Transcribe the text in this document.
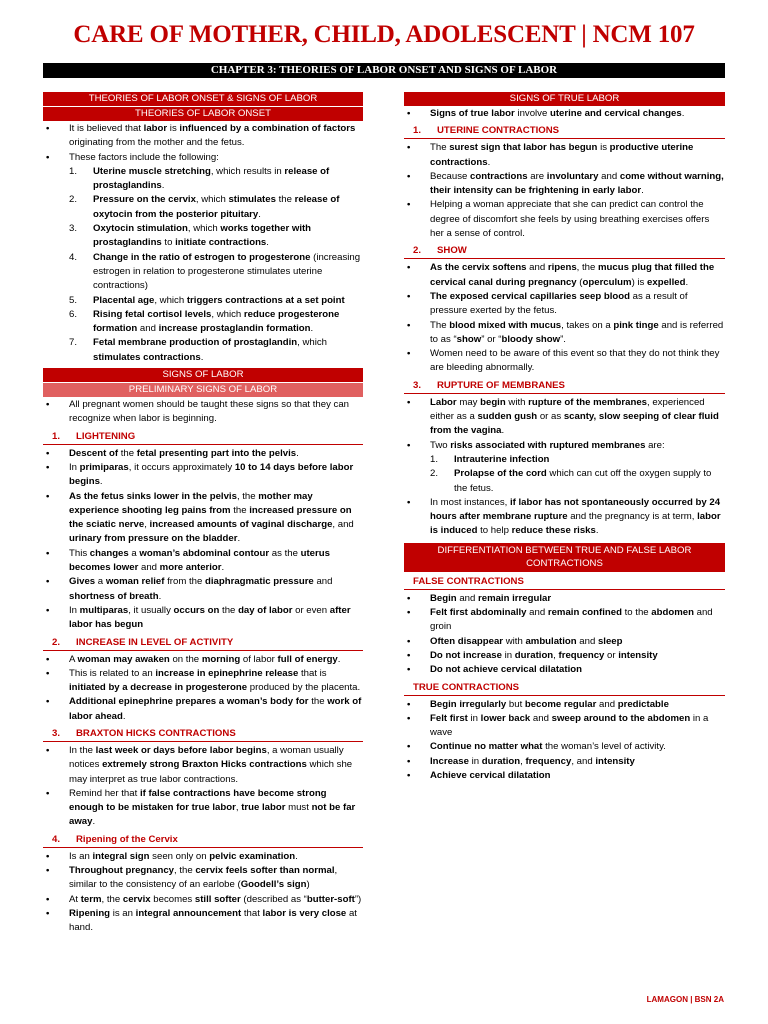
CARE OF MOTHER, CHILD, ADOLESCENT | NCM 107
CHAPTER 3: THEORIES OF LABOR ONSET AND SIGNS OF LABOR
THEORIES OF LABOR ONSET & SIGNS OF LABOR
THEORIES OF LABOR ONSET
• It is believed that labor is influenced by a combination of factors originating from the mother and the fetus.
• These factors include the following:
1. Uterine muscle stretching, which results in release of prostaglandins.
2. Pressure on the cervix, which stimulates the release of oxytocin from the posterior pituitary.
3. Oxytocin stimulation, which works together with prostaglandins to initiate contractions.
4. Change in the ratio of estrogen to progesterone (increasing estrogen in relation to progesterone stimulates uterine contractions)
5. Placental age, which triggers contractions at a set point
6. Rising fetal cortisol levels, which reduce progesterone formation and increase prostaglandin formation.
7. Fetal membrane production of prostaglandin, which stimulates contractions.
SIGNS OF LABOR
PRELIMINARY SIGNS OF LABOR
• All pregnant women should be taught these signs so that they can recognize when labor is beginning.
1. LIGHTENING
• Descent of the fetal presenting part into the pelvis.
• In primiparas, it occurs approximately 10 to 14 days before labor begins.
• As the fetus sinks lower in the pelvis, the mother may experience shooting leg pains from the increased pressure on the sciatic nerve, increased amounts of vaginal discharge, and urinary from pressure on the bladder.
• This changes a woman’s abdominal contour as the uterus becomes lower and more anterior.
• Gives a woman relief from the diaphragmatic pressure and shortness of breath.
• In multiparas, it usually occurs on the day of labor or even after labor has begun
2. INCREASE IN LEVEL OF ACTIVITY
• A woman may awaken on the morning of labor full of energy.
• This is related to an increase in epinephrine release that is initiated by a decrease in progesterone produced by the placenta.
• Additional epinephrine prepares a woman’s body for the work of labor ahead.
3. BRAXTON HICKS CONTRACTIONS
• In the last week or days before labor begins, a woman usually notices extremely strong Braxton Hicks contractions which she may interpret as true labor contractions.
• Remind her that if false contractions have become strong enough to be mistaken for true labor, true labor must not be far away.
4. Ripening of the Cervix
• Is an integral sign seen only on pelvic examination.
• Throughout pregnancy, the cervix feels softer than normal, similar to the consistency of an earlobe (Goodell’s sign)
• At term, the cervix becomes still softer (described as “butter-soft”)
• Ripening is an integral announcement that labor is very close at hand.
SIGNS OF TRUE LABOR
• Signs of true labor involve uterine and cervical changes.
1. UTERINE CONTRACTIONS
• The surest sign that labor has begun is productive uterine contractions.
• Because contractions are involuntary and come without warning, their intensity can be frightening in early labor.
• Helping a woman appreciate that she can predict can control the degree of discomfort she feels by using breathing exercises offers her a sense of control.
2. SHOW
• As the cervix softens and ripens, the mucus plug that filled the cervical canal during pregnancy (operculum) is expelled.
• The exposed cervical capillaries seep blood as a result of pressure exerted by the fetus.
• The blood mixed with mucus, takes on a pink tinge and is referred to as “show” or “bloody show”.
• Women need to be aware of this event so that they do not think they are bleeding abnormally.
3. RUPTURE OF MEMBRANES
• Labor may begin with rupture of the membranes, experienced either as a sudden gush or as scanty, slow seeping of clear fluid from the vagina.
• Two risks associated with ruptured membranes are:
1. Intrauterine infection
2. Prolapse of the cord which can cut off the oxygen supply to the fetus.
• In most instances, if labor has not spontaneously occurred by 24 hours after membrane rupture and the pregnancy is at term, labor is induced to help reduce these risks.
DIFFERENTIATION BETWEEN TRUE AND FALSE LABOR CONTRACTIONS
FALSE CONTRACTIONS
• Begin and remain irregular
• Felt first abdominally and remain confined to the abdomen and groin
• Often disappear with ambulation and sleep
• Do not increase in duration, frequency or intensity
• Do not achieve cervical dilatation
TRUE CONTRACTIONS
• Begin irregularly but become regular and predictable
• Felt first in lower back and sweep around to the abdomen in a wave
• Continue no matter what the woman’s level of activity.
• Increase in duration, frequency, and intensity
• Achieve cervical dilatation
LAMAGON | BSN 2A
